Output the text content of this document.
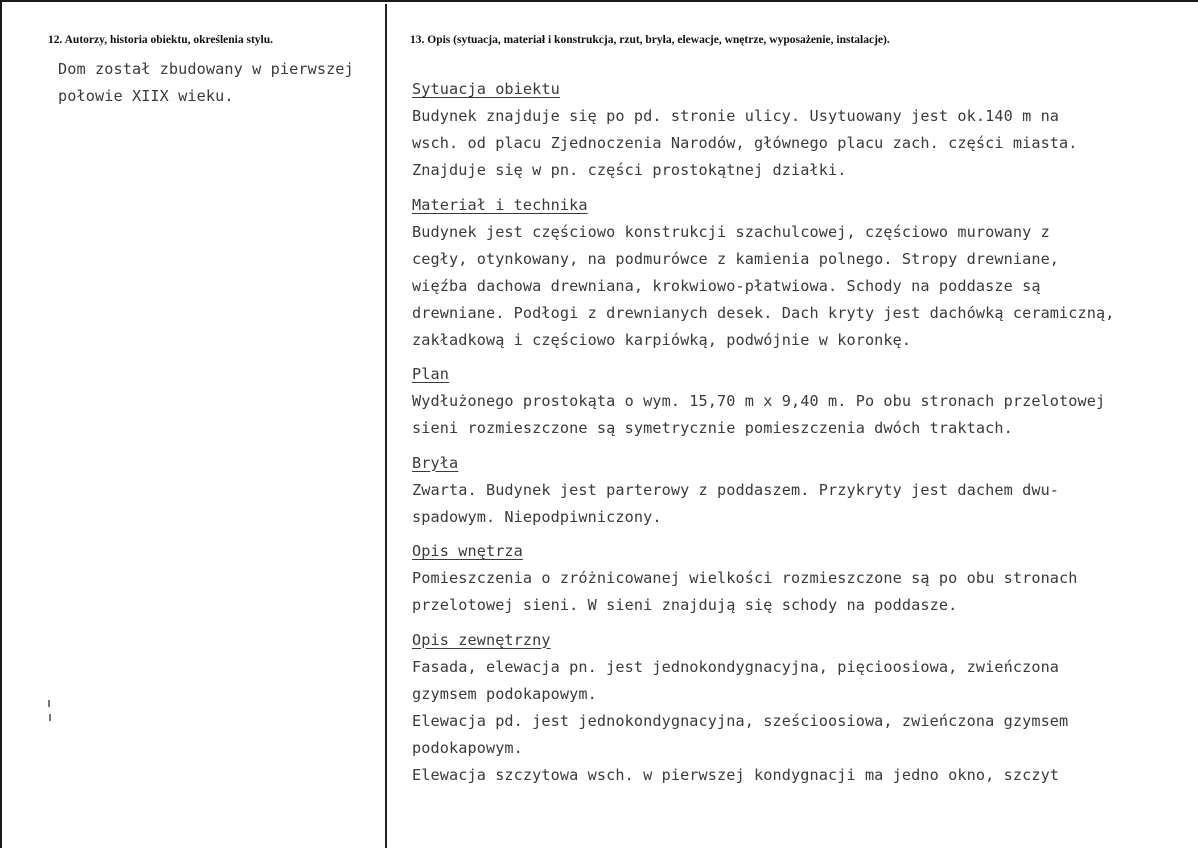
12. Autorzy, historia obiektu, określenia stylu.	13. Opis (sytuacja, materiał i konstrukcja, rzut, bryła, elewacje, wnętrze, wyposażenie, instalacje).
Dom został zbudowany w pierwszej
połowie XIIX wieku.	Sytuacja obiektu
Budynek znajduje się po pd. stronie ulicy. Usytuowany jest ok.140 m na
wsch. od placu Zjednoczenia Narodów, głównego placu zach. części miasta.
Znajduje się w pn. części prostokątnej działki.
Materiał i technika
Budynek jest częściowo konstrukcji szachulcowej, częściowo murowany z
cegły, otynkowany, na podmurówce z kamienia polnego. Stropy drewniane,
więźba dachowa drewniana, krokwiowo-płatwiowa. Schody na poddasze są
drewniane. Podłogi z drewnianych desek. Dach kryty jest dachówką ceramiczną,
zakładkową i częściowo karpiówką, podwójnie w koronkę.
Plan
Wydłużonego prostokąta o wym. 15,70 m x 9,40 m. Po obu stronach przelotowej
sieni rozmieszczone są symetrycznie pomieszczenia dwóch traktach.
Bryła
Zwarta. Budynek jest parterowy z poddaszem. Przykryty jest dachem dwu-
spadowym. Niepodpiwniczony.
Opis wnętrza
Pomieszczenia o zróżnicowanej wielkości rozmieszczone są po obu stronach
przelotowej sieni. W sieni znajdują się schody na poddasze.
Opis zewnętrzny
Fasada, elewacja pn. jest jednokondygnacyjna, pięcioosiowa, zwieńczona
gzymsem podokapowym.
Elewacja pd. jest jednokondygnacyjna, sześcioosiowa, zwieńczona gzymsem
podokapowym.
Elewacja szczytowa wsch. w pierwszej kondygnacji ma jedno okno, szczyt
